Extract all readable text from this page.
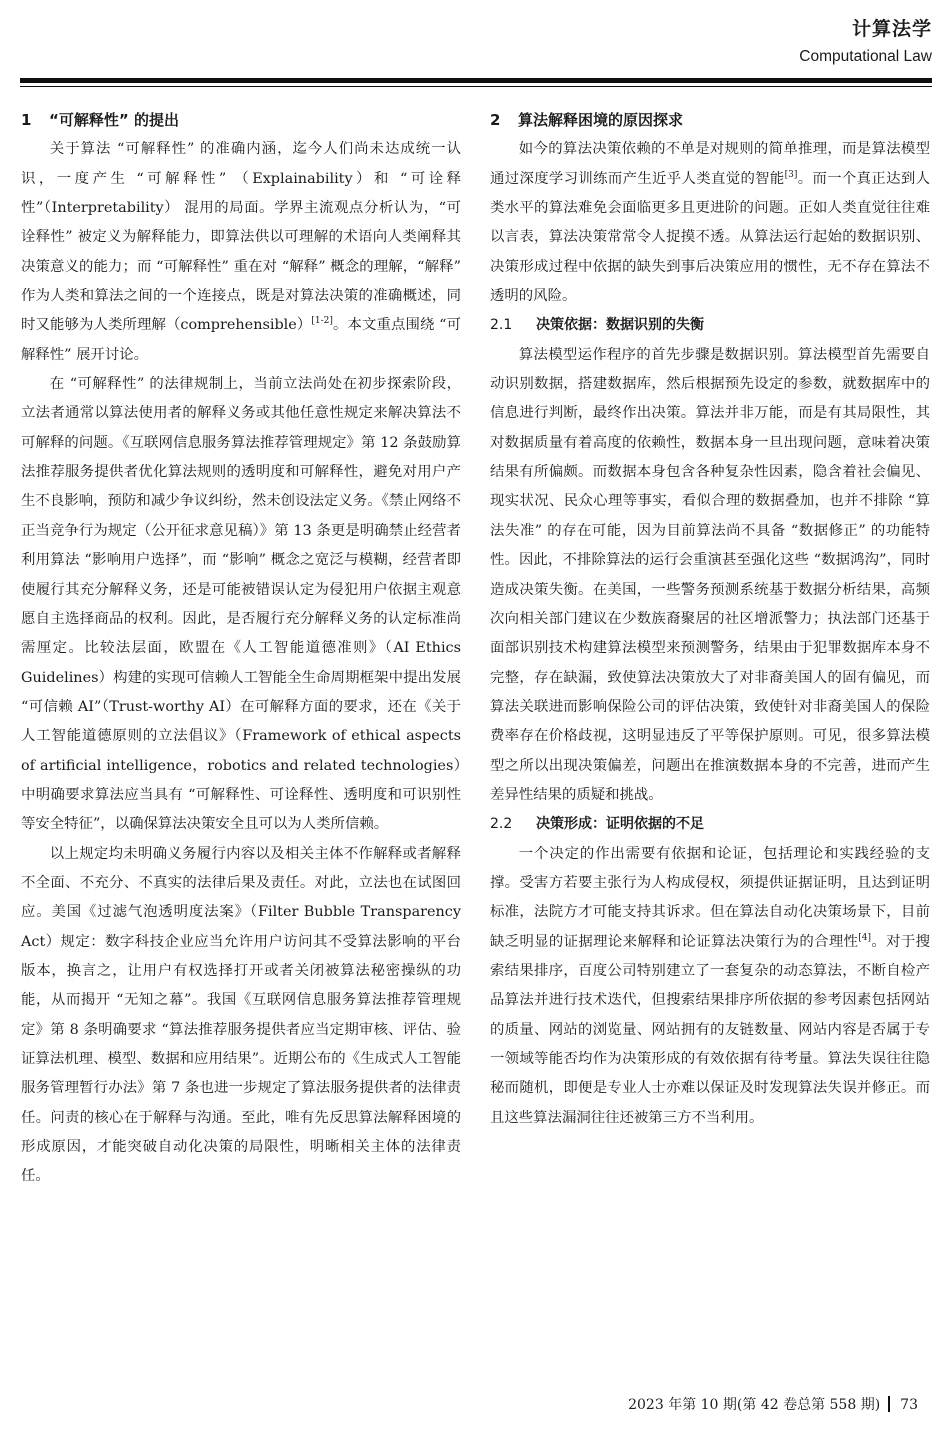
计算法学
Computational Law

1 “可解释性” 的提出

关于算法 “可解释性” 的准确内涵，迄今人们尚未达成统一认识，一度产生 “可解释性” （Explainability）和 “可诠释性”（Interpretability） 混用的局面。学界主流观点分析认为，“可诠释性” 被定义为解释能力，即算法供以可理解的术语向人类阐释其决策意义的能力；而 “可解释性” 重在对 “解释” 概念的理解，“解释” 作为人类和算法之间的一个连接点，既是对算法决策的准确概述，同时又能够为人类所理解（comprehensible）[1-2]。本文重点围绕 “可解释性” 展开讨论。

在 “可解释性” 的法律规制上，当前立法尚处在初步探索阶段，立法者通常以算法使用者的解释义务或其他任意性规定来解决算法不可解释的问题。《互联网信息服务算法推荐管理规定》第 12 条鼓励算法推荐服务提供者优化算法规则的透明度和可解释性，避免对用户产生不良影响，预防和减少争议纠纷，然未创设法定义务。《禁止网络不正当竞争行为规定（公开征求意见稿）》第 13 条更是明确禁止经营者利用算法 “影响用户选择”，而 “影响” 概念之宽泛与模糊，经营者即使履行其充分解释义务，还是可能被错误认定为侵犯用户依据主观意愿自主选择商品的权利。因此，是否履行充分解释义务的认定标准尚需厘定。比较法层面，欧盟在《人工智能道德准则》（AI Ethics Guidelines）构建的实现可信赖人工智能全生命周期框架中提出发展 “可信赖 AI”（Trust-worthy AI）在可解释方面的要求，还在《关于人工智能道德原则的立法倡议》（Framework of ethical aspects of artificial intelligence，robotics and related technologies）中明确要求算法应当具有 “可解释性、可诠释性、透明度和可识别性等安全特征”，以确保算法决策安全且可以为人类所信赖。

以上规定均未明确义务履行内容以及相关主体不作解释或者解释不全面、不充分、不真实的法律后果及责任。对此，立法也在试图回应。美国《过滤气泡透明度法案》（Filter Bubble Transparency Act）规定：数字科技企业应当允许用户访问其不受算法影响的平台版本，换言之，让用户有权选择打开或者关闭被算法秘密操纵的功能，从而揭开 “无知之幕”。我国《互联网信息服务算法推荐管理规定》第 8 条明确要求 “算法推荐服务提供者应当定期审核、评估、验证算法机理、模型、数据和应用结果”。近期公布的《生成式人工智能服务管理暂行办法》第 7 条也进一步规定了算法服务提供者的法律责任。问责的核心在于解释与沟通。至此，唯有先反思算法解释困境的形成原因，才能突破自动化决策的局限性，明晰相关主体的法律责任。

2 算法解释困境的原因探求

如今的算法决策依赖的不单是对规则的简单推理，而是算法模型通过深度学习训练而产生近乎人类直觉的智能[3]。而一个真正达到人类水平的算法难免会面临更多且更进阶的问题。正如人类直觉往往难以言表，算法决策常常令人捉摸不透。从算法运行起始的数据识别、决策形成过程中依据的缺失到事后决策应用的惯性，无不存在算法不透明的风险。

2.1 决策依据：数据识别的失衡

算法模型运作程序的首先步骤是数据识别。算法模型首先需要自动识别数据，搭建数据库，然后根据预先设定的参数，就数据库中的信息进行判断，最终作出决策。算法并非万能，而是有其局限性，其对数据质量有着高度的依赖性，数据本身一旦出现问题，意味着决策结果有所偏颇。而数据本身包含各种复杂性因素，隐含着社会偏见、现实状况、民众心理等事实，看似合理的数据叠加，也并不排除 “算法失准” 的存在可能，因为目前算法尚不具备 “数据修正” 的功能特性。因此，不排除算法的运行会重演甚至强化这些 “数据鸿沟”，同时造成决策失衡。在美国，一些警务预测系统基于数据分析结果，高频次向相关部门建议在少数族裔聚居的社区增派警力；执法部门还基于面部识别技术构建算法模型来预测警务，结果由于犯罪数据库本身不完整，存在缺漏，致使算法决策放大了对非裔美国人的固有偏见，而算法关联进而影响保险公司的评估决策，致使针对非裔美国人的保险费率存在价格歧视，这明显违反了平等保护原则。可见，很多算法模型之所以出现决策偏差，问题出在推演数据本身的不完善，进而产生差异性结果的质疑和挑战。

2.2 决策形成：证明依据的不足

一个决定的作出需要有依据和论证，包括理论和实践经验的支撑。受害方若要主张行为人构成侵权，须提供证据证明，且达到证明标准，法院方才可能支持其诉求。但在算法自动化决策场景下，目前缺乏明显的证据理论来解释和论证算法决策行为的合理性[4]。对于搜索结果排序，百度公司特别建立了一套复杂的动态算法，不断自检产品算法并进行技术迭代，但搜索结果排序所依据的参考因素包括网站的质量、网站的浏览量、网站拥有的友链数量、网站内容是否属于专一领域等能否均作为决策形成的有效依据有待考量。算法失误往往隐秘而随机，即便是专业人士亦难以保证及时发现算法失误并修正。而且这些算法漏洞往往还被第三方不当利用。

2023 年第 10 期(第 42 卷总第 558 期) 73
